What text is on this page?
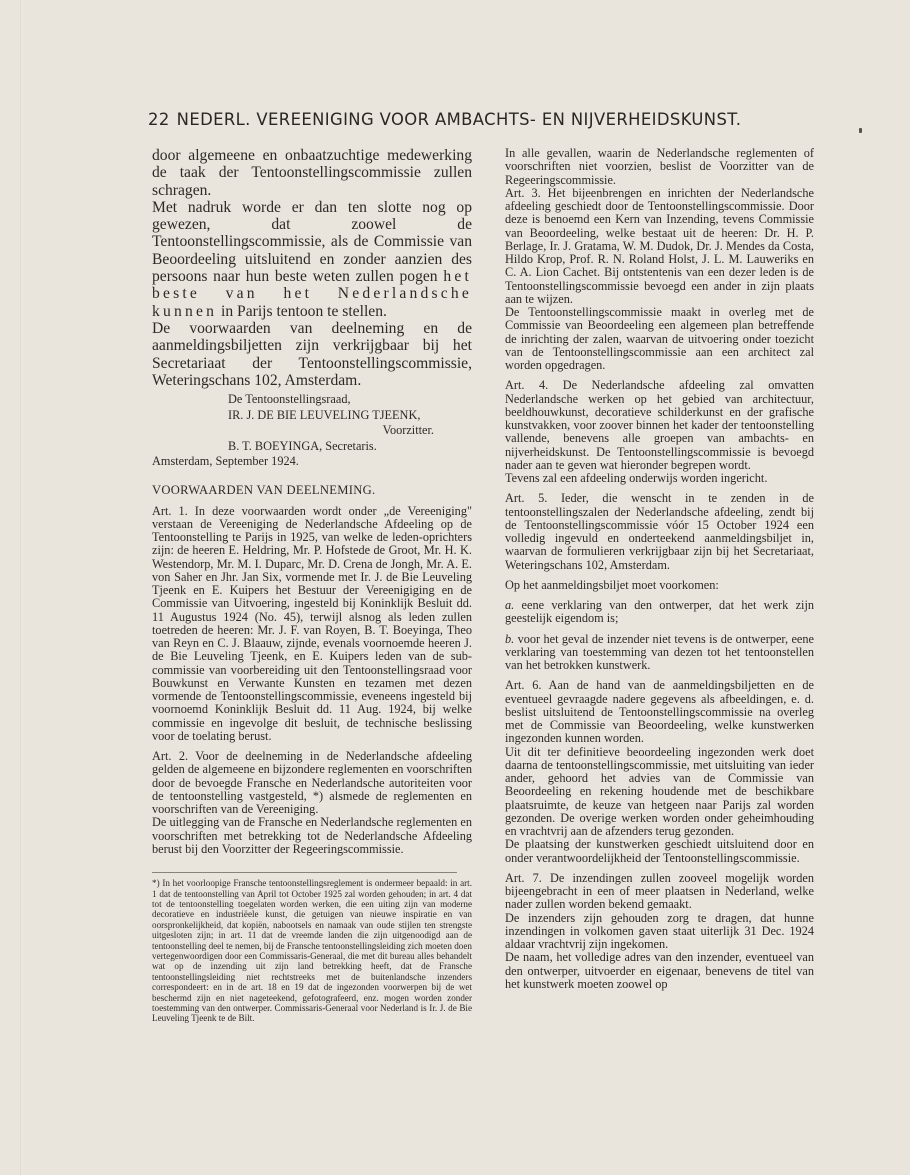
22 NEDERL. VEREENIGING VOOR AMBACHTS- EN NIJVERHEIDSKUNST.

door algemeene en onbaatzuchtige medewerking de taak der Tentoonstellingscommissie zullen schragen.

Met nadruk worde er dan ten slotte nog op gewezen, dat zoowel de Tentoonstellingscommissie, als de Commissie van Beoordeeling uitsluitend en zonder aanzien des persoons naar hun beste weten zullen pogen het beste van het Nederlandsche kunnen in Parijs tentoon te stellen.

De voorwaarden van deelneming en de aanmeldingsbiljetten zijn verkrijgbaar bij het Secretariaat der Tentoonstellingscommissie, Weteringschans 102, Amsterdam.

De Tentoonstellingsraad,
IR. J. DE BIE LEUVELING TJEENK,
Voorzitter.
B. T. BOEYINGA, Secretaris.
Amsterdam, September 1924.

VOORWAARDEN VAN DEELNEMING.

Art. 1. In deze voorwaarden wordt onder „de Vereeniging" verstaan de Vereeniging de Nederlandsche Afdeeling op de Tentoonstelling te Parijs in 1925, van welke de leden-oprichters zijn: de heeren E. Heldring, Mr. P. Hofstede de Groot, Mr. H. K. Westendorp, Mr. M. I. Duparc, Mr. D. Crena de Jongh, Mr. A. E. von Saher en Jhr. Jan Six, vormende met Ir. J. de Bie Leuveling Tjeenk en E. Kuipers het Bestuur der Vereenigiging en de Commissie van Uitvoering, ingesteld bij Koninklijk Besluit dd. 11 Augustus 1924 (No. 45), terwijl alsnog als leden zullen toetreden de heeren: Mr. J. F. van Royen, B. T. Boeyinga, Theo van Reyn en C. J. Blaauw, zijnde, evenals voornoemde heeren J. de Bie Leuveling Tjeenk, en E. Kuipers leden van de sub-commissie van voorbereiding uit den Tentoonstellingsraad voor Bouwkunst en Verwante Kunsten en tezamen met dezen vormende de Tentoonstellingscommissie, eveneens ingesteld bij voornoemd Koninklijk Besluit dd. 11 Aug. 1924, bij welke commissie en ingevolge dit besluit, de technische beslissing voor de toelating berust.

Art. 2. Voor de deelneming in de Nederlandsche afdeeling gelden de algemeene en bijzondere reglementen en voorschriften door de bevoegde Fransche en Nederlandsche autoriteiten voor de tentoonstelling vastgesteld, *) alsmede de reglementen en voorschriften van de Vereeniging.

De uitlegging van de Fransche en Nederlandsche reglementen en voorschriften met betrekking tot de Nederlandsche Afdeeling berust bij den Voorzitter der Regeeringscommissie.

*) In het voorloopige Fransche tentoonstellingsreglement is ondermeer bepaald: in art. 1 dat de tentoonstelling van April tot October 1925 zal worden gehouden; in art. 4 dat tot de tentoonstelling toegelaten worden werken, die een uiting zijn van moderne decoratieve en industriëele kunst, die getuigen van nieuwe inspiratie en van oorspronkelijkheid, dat kopiën, nabootsels en namaak van oude stijlen ten strengste uitgesloten zijn; in art. 11 dat de vreemde landen die zijn uitgenoodigd aan de tentoonstelling deel te nemen, bij de Fransche tentoonstellingsleiding zich moeten doen vertegenwoordigen door een Commissaris-Generaal, die met dit bureau alles behandelt wat op de inzending uit zijn land betrekking heeft, dat de Fransche tentoonstellingsleiding niet rechtstreeks met de buitenlandsche inzenders correspondeert: en in de art. 18 en 19 dat de ingezonden voorwerpen bij de wet beschermd zijn en niet nageteekend, gefotografeerd, enz. mogen worden zonder toestemming van den ontwerper. Commissaris-Generaal voor Nederland is Ir. J. de Bie Leuveling Tjeenk te de Bilt.

In alle gevallen, waarin de Nederlandsche reglementen of voorschriften niet voorzien, beslist de Voorzitter van de Regeeringscommissie.

Art. 3. Het bijeenbrengen en inrichten der Nederlandsche afdeeling geschiedt door de Tentoonstellingscommissie. Door deze is benoemd een Kern van Inzending, tevens Commissie van Beoordeeling, welke bestaat uit de heeren: Dr. H. P. Berlage, Ir. J. Gratama, W. M. Dudok, Dr. J. Mendes da Costa, Hildo Krop, Prof. R. N. Roland Holst, J. L. M. Lauweriks en C. A. Lion Cachet. Bij ontstentenis van een dezer leden is de Tentoonstellingscommissie bevoegd een ander in zijn plaats aan te wijzen.

De Tentoonstellingscommissie maakt in overleg met de Commissie van Beoordeeling een algemeen plan betreffende de inrichting der zalen, waarvan de uitvoering onder toezicht van de Tentoonstellingscommissie aan een architect zal worden opgedragen.

Art. 4. De Nederlandsche afdeeling zal omvatten Nederlandsche werken op het gebied van architectuur, beeldhouwkunst, decoratieve schilderkunst en der grafische kunstvakken, voor zoover binnen het kader der tentoonstelling vallende, benevens alle groepen van ambachts- en nijverheidskunst. De Tentoonstellingscommissie is bevoegd nader aan te geven wat hieronder begrepen wordt.

Tevens zal een afdeeling onderwijs worden ingericht.

Art. 5. Ieder, die wenscht in te zenden in de tentoonstellingszalen der Nederlandsche afdeeling, zendt bij de Tentoonstellingscommissie vóór 15 October 1924 een volledig ingevuld en onderteekend aanmeldingsbiljet in, waarvan de formulieren verkrijgbaar zijn bij het Secretariaat, Weteringschans 102, Amsterdam.

Op het aanmeldingsbiljet moet voorkomen:

a. eene verklaring van den ontwerper, dat het werk zijn geestelijk eigendom is;

b. voor het geval de inzender niet tevens is de ontwerper, eene verklaring van toestemming van dezen tot het tentoonstellen van het betrokken kunstwerk.

Art. 6. Aan de hand van de aanmeldingsbiljetten en de eventueel gevraagde nadere gegevens als afbeeldingen, e. d. beslist uitsluitend de Tentoonstellingscommissie na overleg met de Commissie van Beoordeeling, welke kunstwerken ingezonden kunnen worden.

Uit dit ter definitieve beoordeeling ingezonden werk doet daarna de tentoonstellingscommissie, met uitsluiting van ieder ander, gehoord het advies van de Commissie van Beoordeeling en rekening houdende met de beschikbare plaatsruimte, de keuze van hetgeen naar Parijs zal worden gezonden. De overige werken worden onder geheimhouding en vrachtvrij aan de afzenders terug gezonden.

De plaatsing der kunstwerken geschiedt uitsluitend door en onder verantwoordelijkheid der Tentoonstellingscommissie.

Art. 7. De inzendingen zullen zooveel mogelijk worden bijeengebracht in een of meer plaatsen in Nederland, welke nader zullen worden bekend gemaakt.

De inzenders zijn gehouden zorg te dragen, dat hunne inzendingen in volkomen gaven staat uiterlijk 31 Dec. 1924 aldaar vrachtvrij zijn ingekomen.

De naam, het volledige adres van den inzender, eventueel van den ontwerper, uitvoerder en eigenaar, benevens de titel van het kunstwerk moeten zoowel op
